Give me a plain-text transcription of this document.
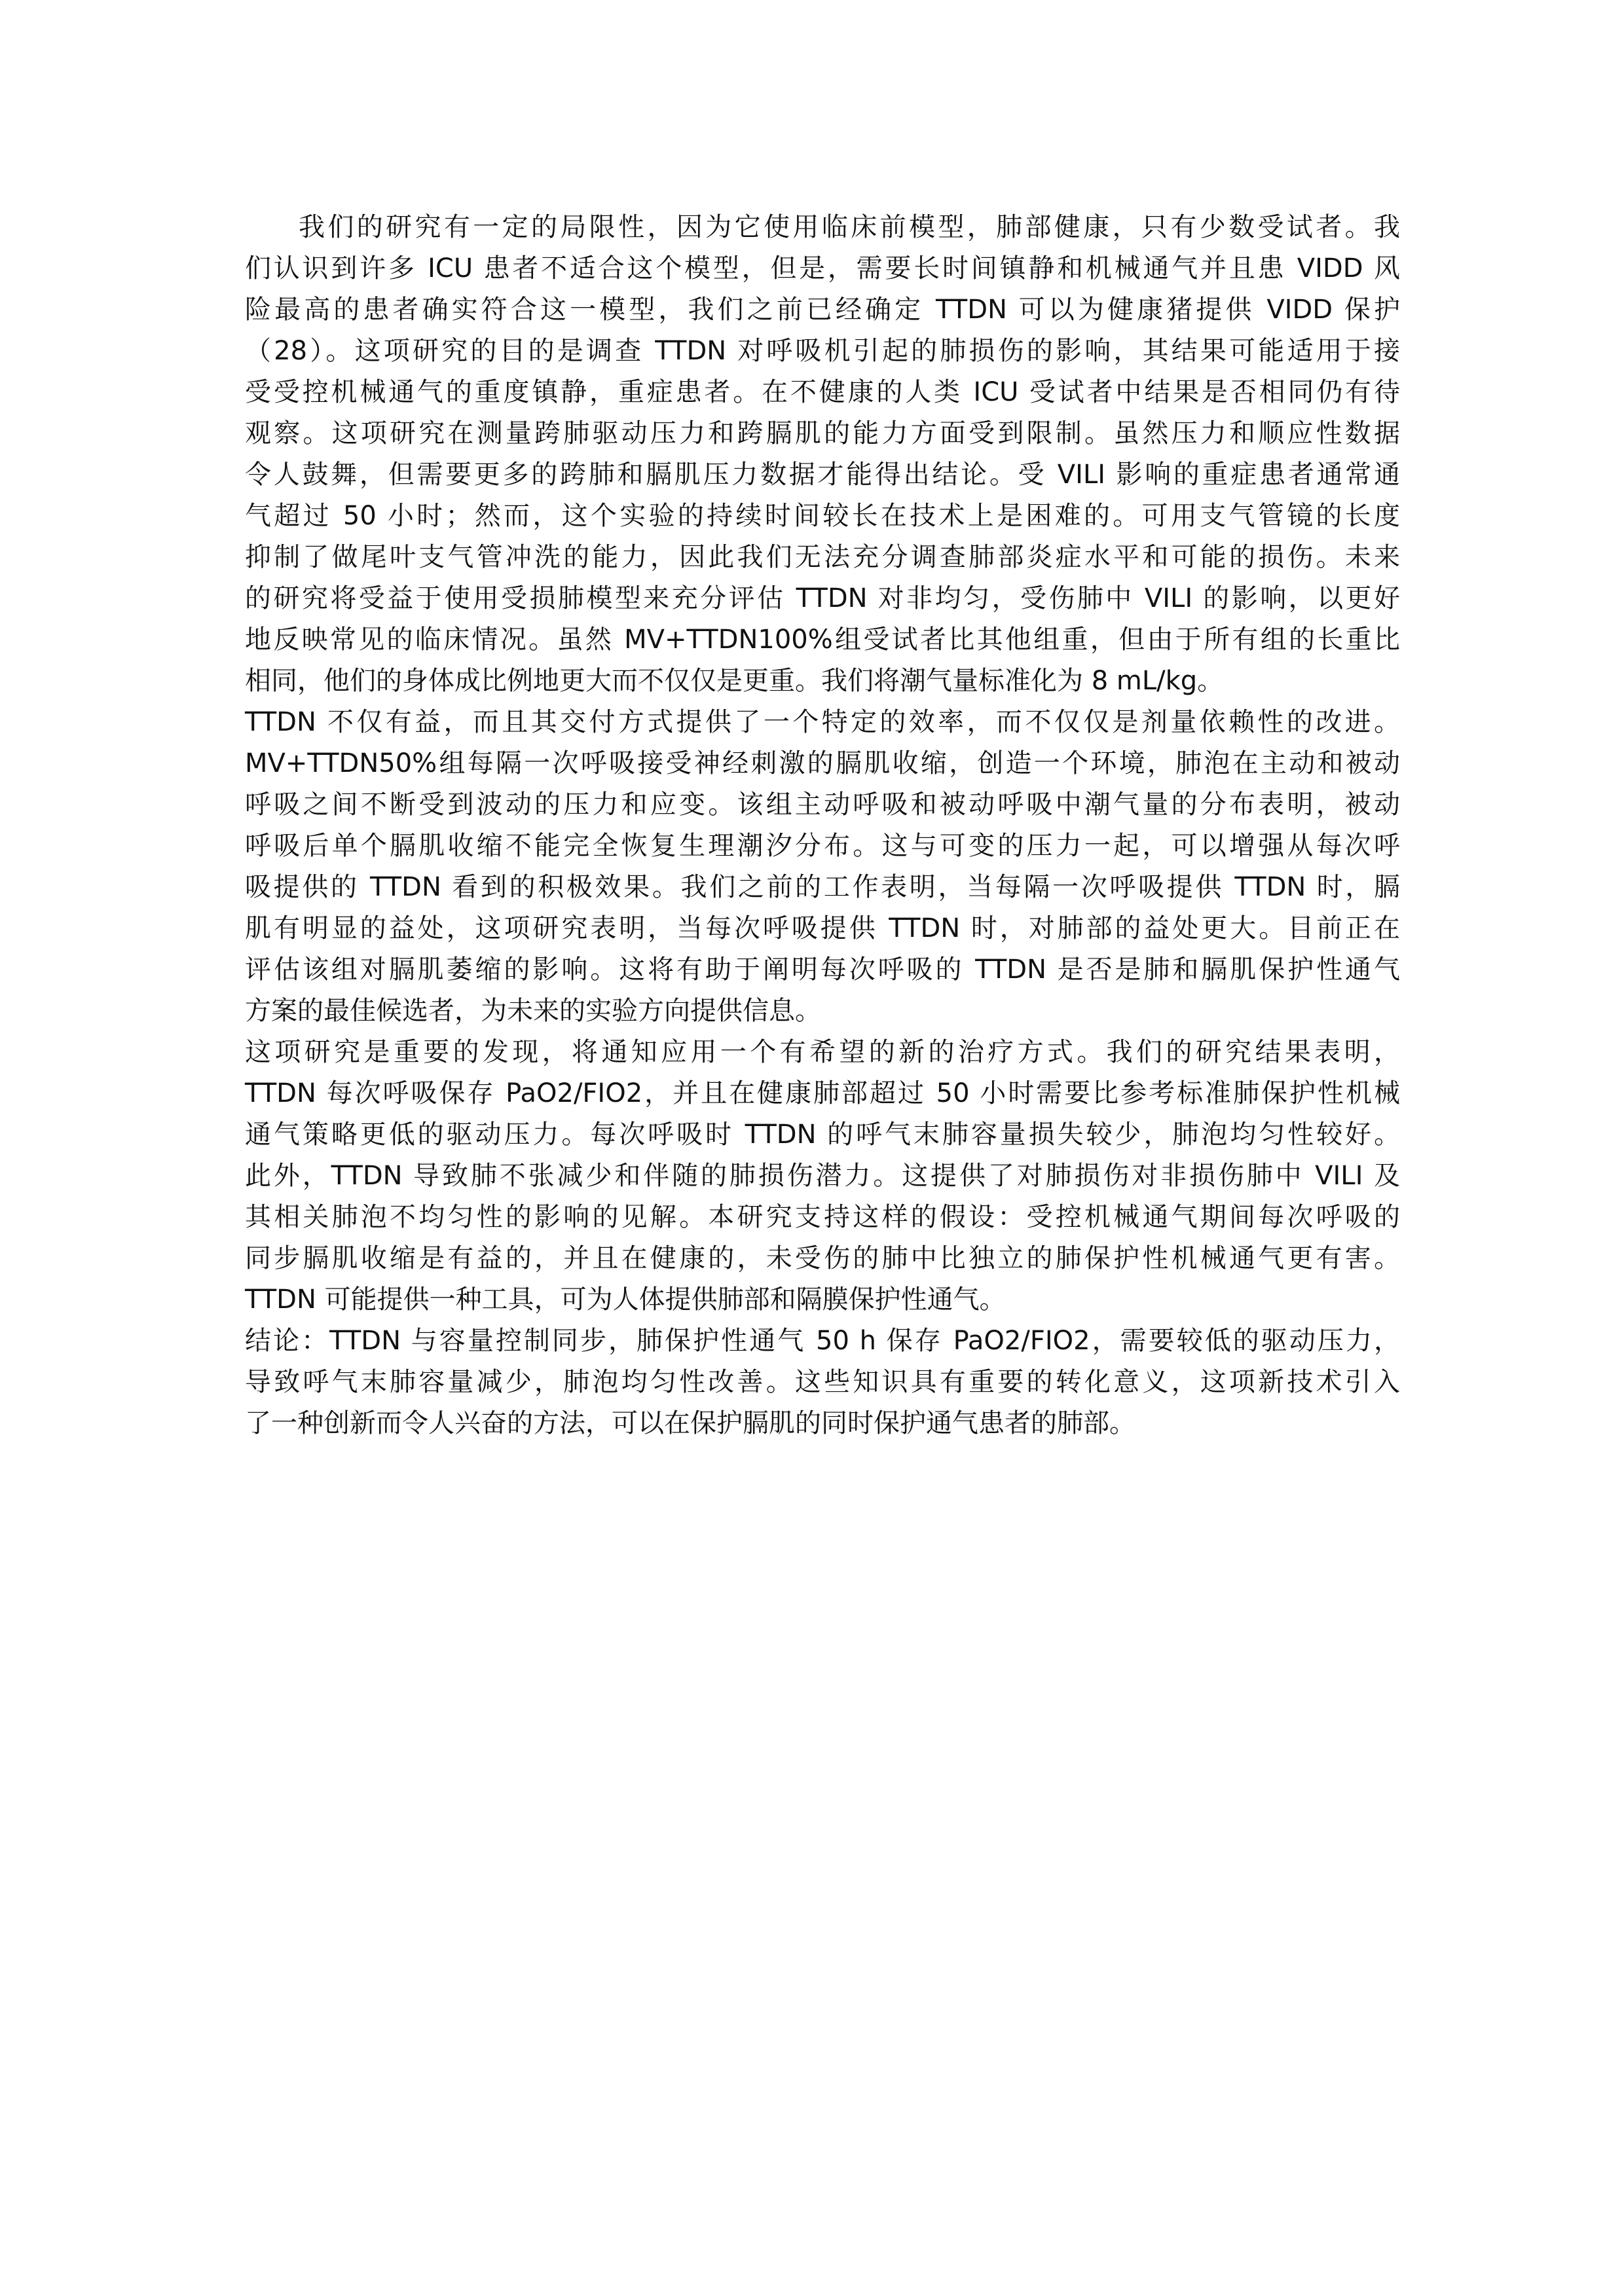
我们的研究有一定的局限性，因为它使用临床前模型，肺部健康，只有少数受试者。我
们认识到许多 ICU 患者不适合这个模型，但是，需要长时间镇静和机械通气并且患 VIDD 风
险最高的患者确实符合这一模型，我们之前已经确定 TTDN 可以为健康猪提供 VIDD 保护
（28）。这项研究的目的是调查 TTDN 对呼吸机引起的肺损伤的影响，其结果可能适用于接
受受控机械通气的重度镇静，重症患者。在不健康的人类 ICU 受试者中结果是否相同仍有待
观察。这项研究在测量跨肺驱动压力和跨膈肌的能力方面受到限制。虽然压力和顺应性数据
令人鼓舞，但需要更多的跨肺和膈肌压力数据才能得出结论。受 VILI 影响的重症患者通常通
气超过 50 小时；然而，这个实验的持续时间较长在技术上是困难的。可用支气管镜的长度
抑制了做尾叶支气管冲洗的能力，因此我们无法充分调查肺部炎症水平和可能的损伤。未来
的研究将受益于使用受损肺模型来充分评估 TTDN 对非均匀，受伤肺中 VILI 的影响，以更好
地反映常见的临床情况。虽然 MV+TTDN100%组受试者比其他组重，但由于所有组的长重比
相同，他们的身体成比例地更大而不仅仅是更重。我们将潮气量标准化为 8 mL/kg。
TTDN 不仅有益，而且其交付方式提供了一个特定的效率，而不仅仅是剂量依赖性的改进。
MV+TTDN50%组每隔一次呼吸接受神经刺激的膈肌收缩，创造一个环境，肺泡在主动和被动
呼吸之间不断受到波动的压力和应变。该组主动呼吸和被动呼吸中潮气量的分布表明，被动
呼吸后单个膈肌收缩不能完全恢复生理潮汐分布。这与可变的压力一起，可以增强从每次呼
吸提供的 TTDN 看到的积极效果。我们之前的工作表明，当每隔一次呼吸提供 TTDN 时，膈
肌有明显的益处，这项研究表明，当每次呼吸提供 TTDN 时，对肺部的益处更大。目前正在
评估该组对膈肌萎缩的影响。这将有助于阐明每次呼吸的 TTDN 是否是肺和膈肌保护性通气
方案的最佳候选者，为未来的实验方向提供信息。
这项研究是重要的发现，将通知应用一个有希望的新的治疗方式。我们的研究结果表明，
TTDN 每次呼吸保存 PaO2/FIO2，并且在健康肺部超过 50 小时需要比参考标准肺保护性机械
通气策略更低的驱动压力。每次呼吸时 TTDN 的呼气末肺容量损失较少，肺泡均匀性较好。
此外，TTDN 导致肺不张减少和伴随的肺损伤潜力。这提供了对肺损伤对非损伤肺中 VILI 及
其相关肺泡不均匀性的影响的见解。本研究支持这样的假设：受控机械通气期间每次呼吸的
同步膈肌收缩是有益的，并且在健康的，未受伤的肺中比独立的肺保护性机械通气更有害。
TTDN 可能提供一种工具，可为人体提供肺部和隔膜保护性通气。
结论：TTDN 与容量控制同步，肺保护性通气 50 h 保存 PaO2/FIO2，需要较低的驱动压力，
导致呼气末肺容量减少，肺泡均匀性改善。这些知识具有重要的转化意义，这项新技术引入
了一种创新而令人兴奋的方法，可以在保护膈肌的同时保护通气患者的肺部。
